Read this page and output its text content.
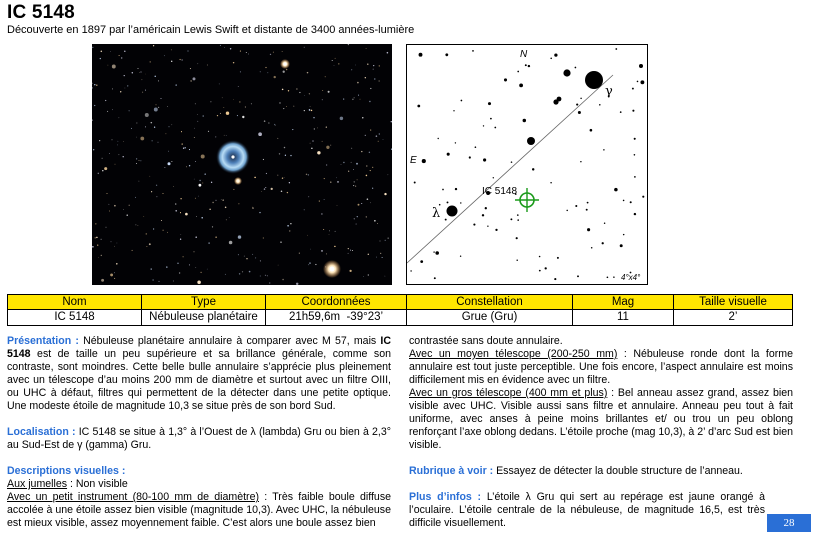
IC 5148
Découverte en 1897 par l’américain Lewis Swift et distante de 3400 années-lumière
N
E
IC 5148
γ
λ
4°x4°
Nom	Type	Coordonnées	Constellation	Mag	Taille visuelle
IC 5148	Nébuleuse planétaire	21h59,6m  -39°23’	Grue (Gru)	11	2’

Présentation : Nébuleuse planétaire annulaire à comparer avec M 57, mais IC 5148 est de taille un peu supérieure et sa brillance générale, comme son contraste, sont moindres. Cette belle bulle annulaire s’apprécie plus pleinement avec un télescope d’au moins 200 mm de diamètre et surtout avec un filtre OIII, ou UHC à défaut, filtres qui permettent de la détecter dans une petite optique. Une modeste étoile de magnitude 10,3 se situe près de son bord Sud.

Localisation : IC 5148 se situe à 1,3° à l’Ouest de λ (lambda) Gru ou bien à 2,3° au Sud-Est de γ (gamma) Gru.

Descriptions visuelles :

Aux jumelles : Non visible

Avec un petit instrument (80-100 mm de diamètre) : Très faible boule diffuse accolée à une étoile assez bien visible (magnitude 10,3). Avec UHC, la nébuleuse est mieux visible, assez moyennement faible. C’est alors une boule assez bien

contrastée sans doute annulaire.

Avec un moyen télescope (200-250 mm) : Nébuleuse ronde dont la forme annulaire est tout juste perceptible. Une fois encore, l’aspect annulaire est moins difficilement mis en évidence avec un filtre.

Avec un gros télescope (400 mm et plus) : Bel anneau assez grand, assez bien visible avec UHC. Visible aussi sans filtre et annulaire. Anneau peu tout à fait uniforme, avec anses à peine moins brillantes et/ ou trou un peu oblong renforçant l’axe oblong dedans. L’étoile proche (mag 10,3), à 2’ d’arc Sud est bien visible.

Rubrique à voir : Essayez de détecter la double structure de l’anneau.

Plus d’infos : L’étoile λ Gru qui sert au repérage est jaune orangé à l’oculaire. L’étoile centrale de la nébuleuse, de magnitude 16,5, est très difficile visuellement.	28
